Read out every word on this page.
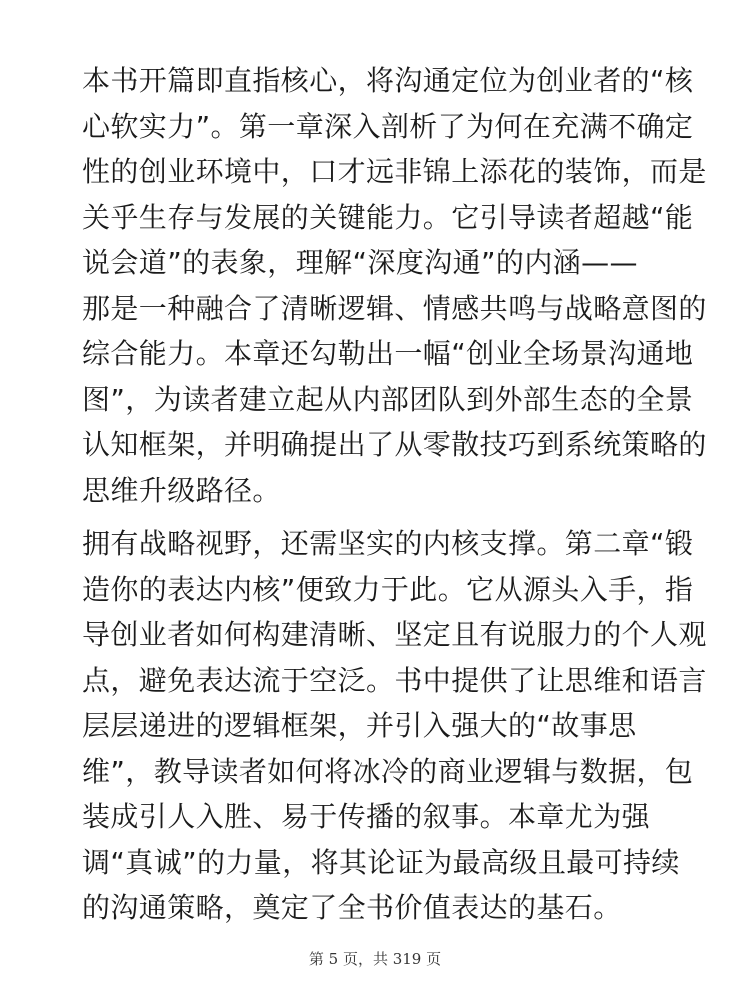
本书开篇即直指核心，将沟通定位为创业者的“核
心软实力”。第一章深入剖析了为何在充满不确定
性的创业环境中，口才远非锦上添花的装饰，而是
关乎生存与发展的关键能力。它引导读者超越“能
说会道”的表象，理解“深度沟通”的内涵——
那是一种融合了清晰逻辑、情感共鸣与战略意图的
综合能力。本章还勾勒出一幅“创业全场景沟通地
图”，为读者建立起从内部团队到外部生态的全景
认知框架，并明确提出了从零散技巧到系统策略的
思维升级路径。

拥有战略视野，还需坚实的内核支撑。第二章“锻
造你的表达内核”便致力于此。它从源头入手，指
导创业者如何构建清晰、坚定且有说服力的个人观
点，避免表达流于空泛。书中提供了让思维和语言
层层递进的逻辑框架，并引入强大的“故事思
维”，教导读者如何将冰冷的商业逻辑与数据，包
装成引人入胜、易于传播的叙事。本章尤为强
调“真诚”的力量，将其论证为最高级且最可持续
的沟通策略，奠定了全书价值表达的基石。

第 5 页，共 319 页
